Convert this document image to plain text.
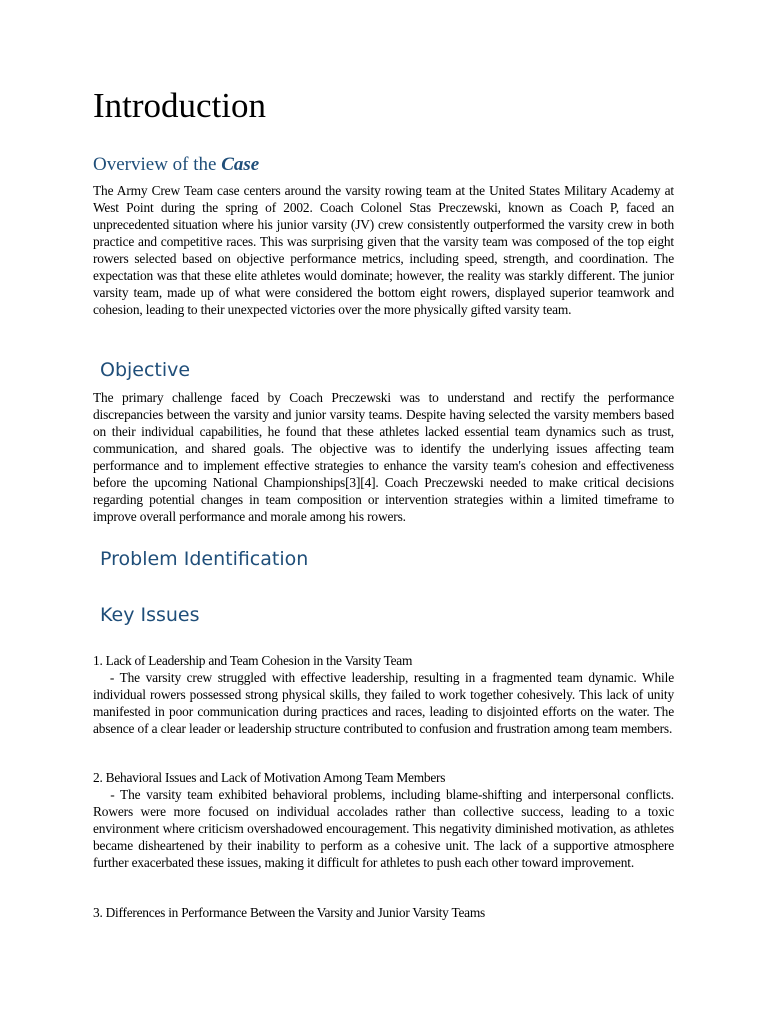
Introduction
Overview of the Case

The Army Crew Team case centers around the varsity rowing team at the United States Military Academy at West Point during the spring of 2002. Coach Colonel Stas Preczewski, known as Coach P, faced an unprecedented situation where his junior varsity (JV) crew consistently outperformed the varsity crew in both practice and competitive races. This was surprising given that the varsity team was composed of the top eight rowers selected based on objective performance metrics, including speed, strength, and coordination. The expectation was that these elite athletes would dominate; however, the reality was starkly different. The junior varsity team, made up of what were considered the bottom eight rowers, displayed superior teamwork and cohesion, leading to their unexpected victories over the more physically gifted varsity team.

Objective

The primary challenge faced by Coach Preczewski was to understand and rectify the performance discrepancies between the varsity and junior varsity teams. Despite having selected the varsity members based on their individual capabilities, he found that these athletes lacked essential team dynamics such as trust, communication, and shared goals. The objective was to identify the underlying issues affecting team performance and to implement effective strategies to enhance the varsity team's cohesion and effectiveness before the upcoming National Championships[3][4]. Coach Preczewski needed to make critical decisions regarding potential changes in team composition or intervention strategies within a limited timeframe to improve overall performance and morale among his rowers.

Problem Identification
Key Issues

1. Lack of Leadership and Team Cohesion in the Varsity Team

- The varsity crew struggled with effective leadership, resulting in a fragmented team dynamic. While individual rowers possessed strong physical skills, they failed to work together cohesively. This lack of unity manifested in poor communication during practices and races, leading to disjointed efforts on the water. The absence of a clear leader or leadership structure contributed to confusion and frustration among team members.

2. Behavioral Issues and Lack of Motivation Among Team Members

- The varsity team exhibited behavioral problems, including blame-shifting and interpersonal conflicts. Rowers were more focused on individual accolades rather than collective success, leading to a toxic environment where criticism overshadowed encouragement. This negativity diminished motivation, as athletes became disheartened by their inability to perform as a cohesive unit. The lack of a supportive atmosphere further exacerbated these issues, making it difficult for athletes to push each other toward improvement.

3. Differences in Performance Between the Varsity and Junior Varsity Teams
